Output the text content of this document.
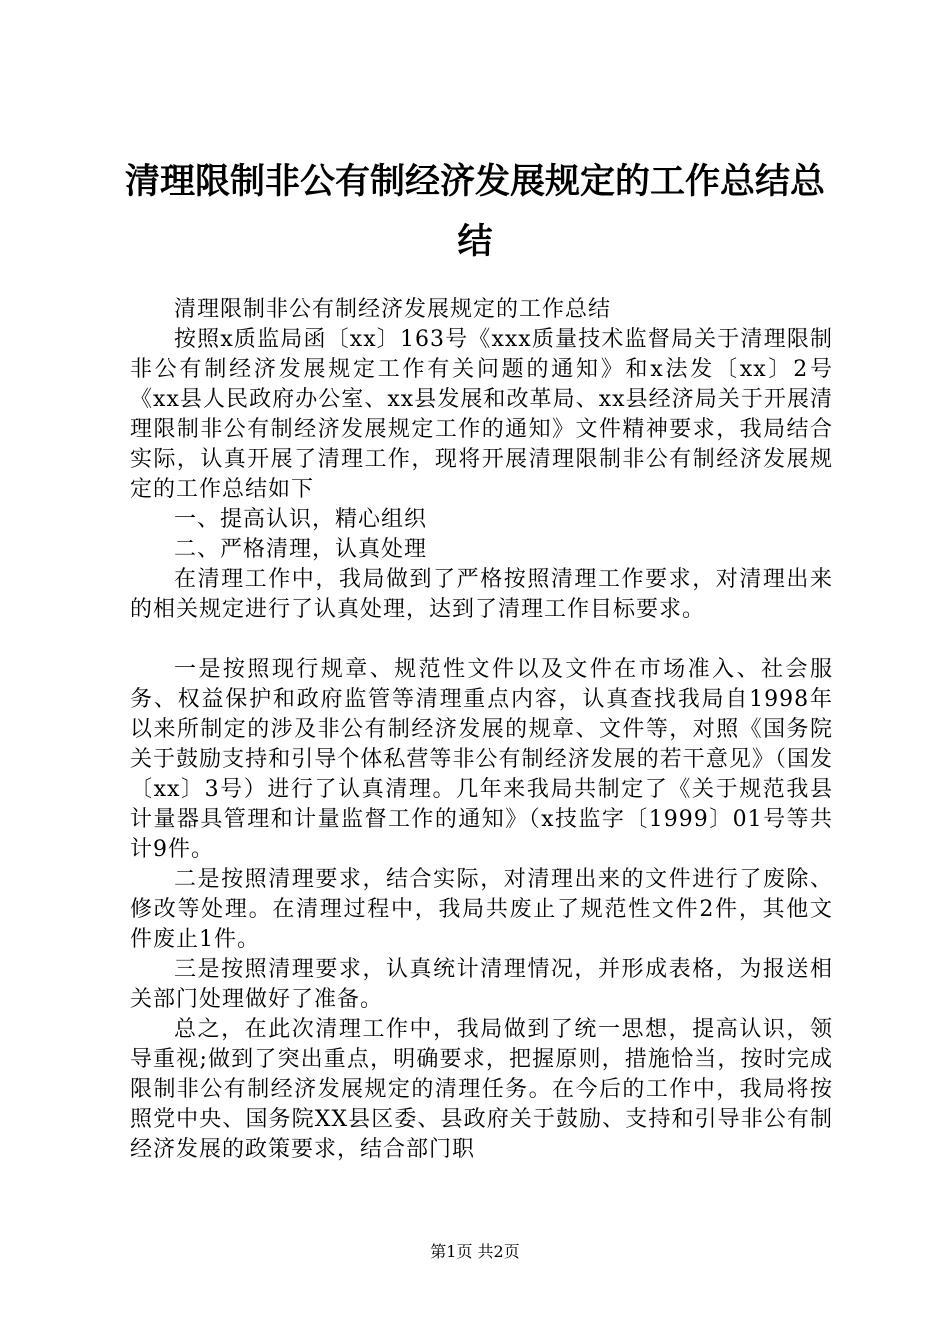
清理限制非公有制经济发展规定的工作总结总
结

清理限制非公有制经济发展规定的工作总结

按照x质监局函〔xx〕163号《xxx质量技术监督局关于清理限制非公有制经济发展规定工作有关问题的通知》和x法发〔xx〕2号《xx县人民政府办公室、xx县发展和改革局、xx县经济局关于开展清理限制非公有制经济发展规定工作的通知》文件精神要求，我局结合实际，认真开展了清理工作，现将开展清理限制非公有制经济发展规定的工作总结如下

一、提高认识，精心组织

二、严格清理，认真处理

在清理工作中，我局做到了严格按照清理工作要求，对清理出来的相关规定进行了认真处理，达到了清理工作目标要求。

一是按照现行规章、规范性文件以及文件在市场准入、社会服务、权益保护和政府监管等清理重点内容，认真查找我局自1998年以来所制定的涉及非公有制经济发展的规章、文件等，对照《国务院关于鼓励支持和引导个体私营等非公有制经济发展的若干意见》（国发〔xx〕3号）进行了认真清理。几年来我局共制定了《关于规范我县计量器具管理和计量监督工作的通知》（x技监字〔1999〕01号等共计9件。

二是按照清理要求，结合实际，对清理出来的文件进行了废除、修改等处理。在清理过程中，我局共废止了规范性文件2件，其他文件废止1件。

三是按照清理要求，认真统计清理情况，并形成表格，为报送相关部门处理做好了准备。

总之，在此次清理工作中，我局做到了统一思想，提高认识，领导重视;做到了突出重点，明确要求，把握原则，措施恰当，按时完成限制非公有制经济发展规定的清理任务。在今后的工作中，我局将按照党中央、国务院XX县区委、县政府关于鼓励、支持和引导非公有制经济发展的政策要求，结合部门职

第1页 共2页
